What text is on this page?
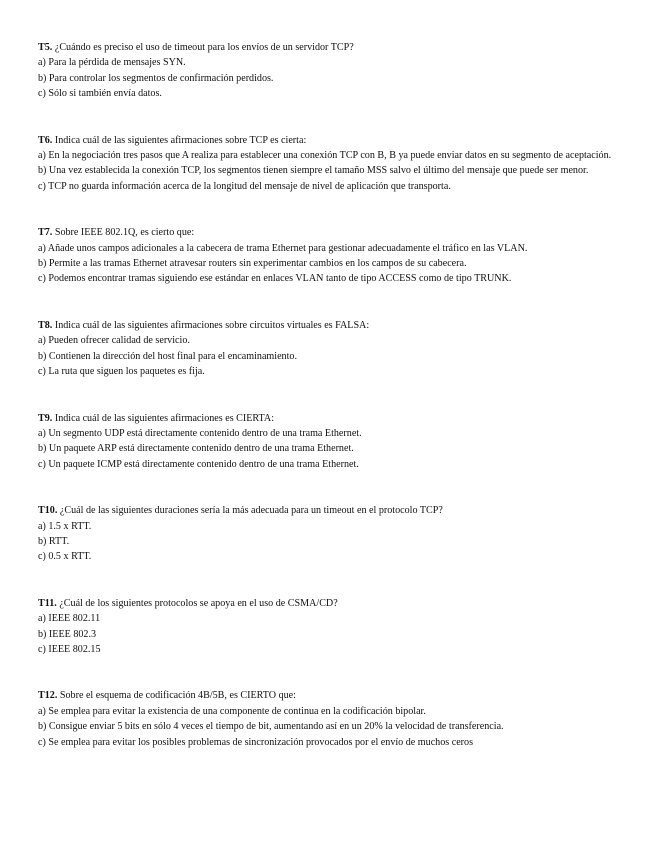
T5. ¿Cuándo es preciso el uso de timeout para los envíos de un servidor TCP?

a) Para la pérdida de mensajes SYN.

b) Para controlar los segmentos de confirmación perdidos.

c) Sólo si también envía datos.

T6. Indica cuál de las siguientes afirmaciones sobre TCP es cierta:

a) En la negociación tres pasos que A realiza para establecer una conexión TCP con B, B ya puede enviar datos en su segmento de aceptación.

b) Una vez establecida la conexión TCP, los segmentos tienen siempre el tamaño MSS salvo el último del mensaje que puede ser menor.

c) TCP no guarda información acerca de la longitud del mensaje de nivel de aplicación que transporta.

T7. Sobre IEEE 802.1Q, es cierto que:

a) Añade unos campos adicionales a la cabecera de trama Ethernet para gestionar adecuadamente el tráfico en las VLAN.

b) Permite a las tramas Ethernet atravesar routers sin experimentar cambios en los campos de su cabecera.

c) Podemos encontrar tramas siguiendo ese estándar en enlaces VLAN tanto de tipo ACCESS como de tipo TRUNK.

T8. Indica cuál de las siguientes afirmaciones sobre circuitos virtuales es FALSA:

a) Pueden ofrecer calidad de servicio.

b) Contienen la dirección del host final para el encaminamiento.

c) La ruta que siguen los paquetes es fija.

T9. Indica cuál de las siguientes afirmaciones es CIERTA:

a) Un segmento UDP está directamente contenido dentro de una trama Ethernet.

b) Un paquete ARP está directamente contenido dentro de una trama Ethernet.

c) Un paquete ICMP está directamente contenido dentro de una trama Ethernet.

T10. ¿Cuál de las siguientes duraciones sería la más adecuada para un timeout en el protocolo TCP?

a) 1.5 x RTT.

b) RTT.

c) 0.5 x RTT.

T11. ¿Cuál de los siguientes protocolos se apoya en el uso de CSMA/CD?

a) IEEE 802.11

b) IEEE 802.3

c) IEEE 802.15

T12. Sobre el esquema de codificación 4B/5B, es CIERTO que:

a) Se emplea para evitar la existencia de una componente de continua en la codificación bipolar.

b) Consigue enviar 5 bits en sólo 4 veces el tiempo de bit, aumentando así en un 20% la velocidad de transferencia.

c) Se emplea para evitar los posibles problemas de sincronización provocados por el envío de muchos ceros
